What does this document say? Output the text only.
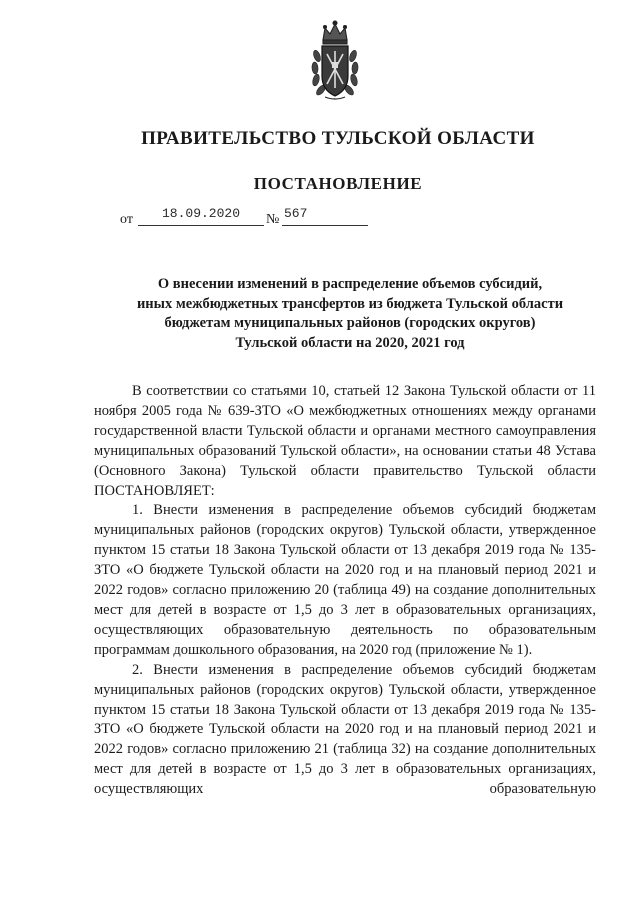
ПРАВИТЕЛЬСТВО ТУЛЬСКОЙ ОБЛАСТИ
ПОСТАНОВЛЕНИЕ
от	18.09.2020	№ 567
О внесении изменений в распределение объемов субсидий,
иных межбюджетных трансфертов из бюджета Тульской области
бюджетам муниципальных районов (городских округов)
Тульской области на 2020, 2021 год

В соответствии со статьями 10, статьей 12 Закона Тульской области от 11 ноября 2005 года № 639-ЗТО «О межбюджетных отношениях между органами государственной власти Тульской области и органами местного самоуправления муниципальных образований Тульской области», на основании статьи 48 Устава (Основного Закона) Тульской области правительство Тульской области ПОСТАНОВЛЯЕТ:

1. Внести изменения в распределение объемов субсидий бюджетам муниципальных районов (городских округов) Тульской области, утвержденное пунктом 15 статьи 18 Закона Тульской области от 13 декабря 2019 года № 135-ЗТО «О бюджете Тульской области на 2020 год и на плановый период 2021 и 2022 годов» согласно приложению 20 (таблица 49) на создание дополнительных мест для детей в возрасте от 1,5 до 3 лет в образовательных организациях, осуществляющих образовательную деятельность по образовательным программам дошкольного образования, на 2020 год (приложение № 1).

2. Внести изменения в распределение объемов субсидий бюджетам муниципальных районов (городских округов) Тульской области, утвержденное пунктом 15 статьи 18 Закона Тульской области от 13 декабря 2019 года № 135-ЗТО «О бюджете Тульской области на 2020 год и на плановый период 2021 и 2022 годов» согласно приложению 21 (таблица 32) на создание дополнительных мест для детей в возрасте от 1,5 до 3 лет в образовательных организациях, осуществляющих образовательную
